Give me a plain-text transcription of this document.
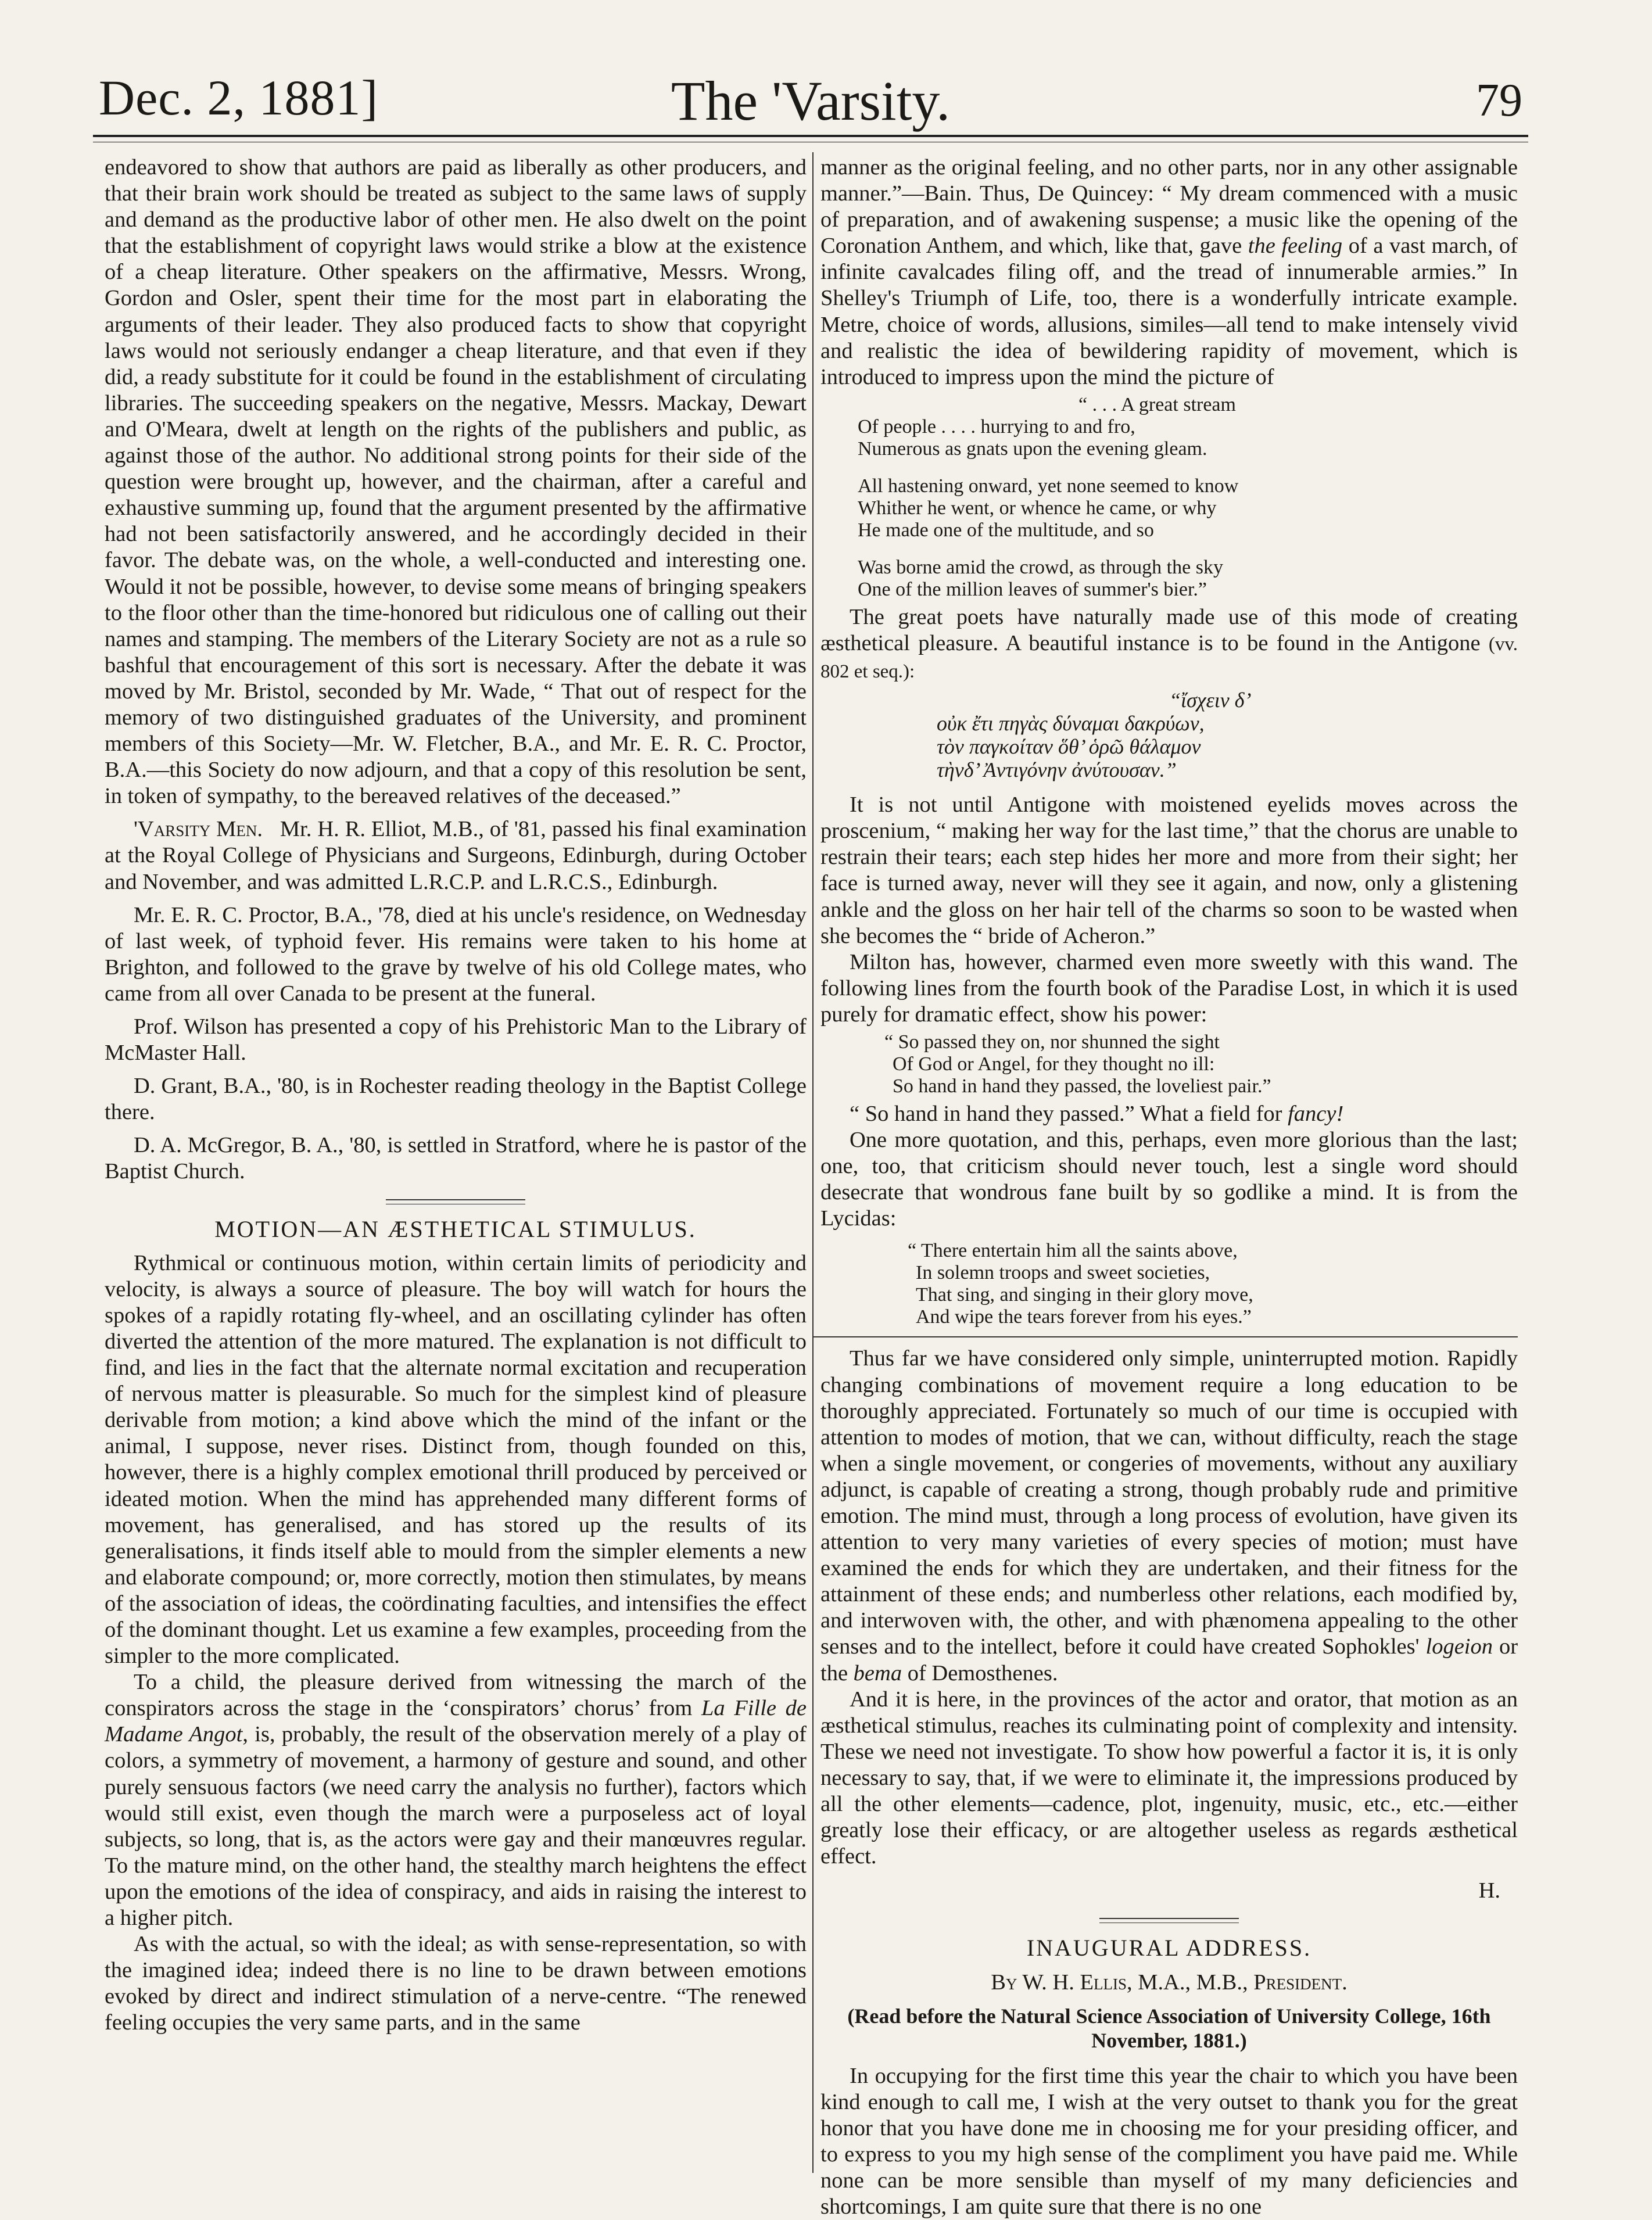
Dec. 2, 1881]	The 'Varsity.	79

endeavored to show that authors are paid as liberally as other producers, and that their brain work should be treated as subject to the same laws of supply and demand as the productive labor of other men. He also dwelt on the point that the establishment of copyright laws would strike a blow at the existence of a cheap literature. Other speakers on the affirmative, Messrs. Wrong, Gordon and Osler, spent their time for the most part in elaborating the arguments of their leader. They also produced facts to show that copyright laws would not seriously endanger a cheap literature, and that even if they did, a ready substitute for it could be found in the establishment of circulating libraries. The succeeding speakers on the negative, Messrs. Mackay, Dewart and O'Meara, dwelt at length on the rights of the publishers and public, as against those of the author. No additional strong points for their side of the question were brought up, however, and the chairman, after a careful and exhaustive summing up, found that the argument presented by the affirmative had not been satisfactorily answered, and he accordingly decided in their favor. The debate was, on the whole, a well-conducted and interesting one. Would it not be possible, however, to devise some means of bringing speakers to the floor other than the time-honored but ridiculous one of calling out their names and stamping. The members of the Literary Society are not as a rule so bashful that encouragement of this sort is necessary. After the debate it was moved by Mr. Bristol, seconded by Mr. Wade, “ That out of respect for the memory of two distinguished graduates of the University, and prominent members of this Society—Mr. W. Fletcher, B.A., and Mr. E. R. C. Proctor, B.A.—this Society do now adjourn, and that a copy of this resolution be sent, in token of sympathy, to the bereaved relatives of the deceased.”

'Varsity Men. Mr. H. R. Elliot, M.B., of '81, passed his final examination at the Royal College of Physicians and Surgeons, Edinburgh, during October and November, and was admitted L.R.C.P. and L.R.C.S., Edinburgh.

Mr. E. R. C. Proctor, B.A., '78, died at his uncle's residence, on Wednesday of last week, of typhoid fever. His remains were taken to his home at Brighton, and followed to the grave by twelve of his old College mates, who came from all over Canada to be present at the funeral.

Prof. Wilson has presented a copy of his Prehistoric Man to the Library of McMaster Hall.

D. Grant, B.A., '80, is in Rochester reading theology in the Baptist College there.

D. A. McGregor, B. A., '80, is settled in Stratford, where he is pastor of the Baptist Church.

MOTION—AN ÆSTHETICAL STIMULUS.

Rythmical or continuous motion, within certain limits of periodicity and velocity, is always a source of pleasure. The boy will watch for hours the spokes of a rapidly rotating fly-wheel, and an oscillating cylinder has often diverted the attention of the more matured. The explanation is not difficult to find, and lies in the fact that the alternate normal excitation and recuperation of nervous matter is pleasurable. So much for the simplest kind of pleasure derivable from motion; a kind above which the mind of the infant or the animal, I suppose, never rises. Distinct from, though founded on this, however, there is a highly complex emotional thrill produced by perceived or ideated motion. When the mind has apprehended many different forms of movement, has generalised, and has stored up the results of its generalisations, it finds itself able to mould from the simpler elements a new and elaborate compound; or, more correctly, motion then stimulates, by means of the association of ideas, the coördinating faculties, and intensifies the effect of the dominant thought. Let us examine a few examples, proceeding from the simpler to the more complicated.

To a child, the pleasure derived from witnessing the march of the conspirators across the stage in the ‘conspirators’ chorus’ from La Fille de Madame Angot, is, probably, the result of the observation merely of a play of colors, a symmetry of movement, a harmony of gesture and sound, and other purely sensuous factors (we need carry the analysis no further), factors which would still exist, even though the march were a purposeless act of loyal subjects, so long, that is, as the actors were gay and their manœuvres regular. To the mature mind, on the other hand, the stealthy march heightens the effect upon the emotions of the idea of conspiracy, and aids in raising the interest to a higher pitch.

As with the actual, so with the ideal; as with sense-representation, so with the imagined idea; indeed there is no line to be drawn between emotions evoked by direct and indirect stimulation of a nerve-centre. “The renewed feeling occupies the very same parts, and in the same

manner as the original feeling, and no other parts, nor in any other assignable manner.”—Bain. Thus, De Quincey: “ My dream commenced with a music of preparation, and of awakening suspense; a music like the opening of the Coronation Anthem, and which, like that, gave the feeling of a vast march, of infinite cavalcades filing off, and the tread of innumerable armies.” In Shelley's Triumph of Life, too, there is a wonderfully intricate example. Metre, choice of words, allusions, similes—all tend to make intensely vivid and realistic the idea of bewildering rapidity of movement, which is introduced to impress upon the mind the picture of

“ . . . A great stream
Of people . . . . hurrying to and fro,
Numerous as gnats upon the evening gleam.
All hastening onward, yet none seemed to know
Whither he went, or whence he came, or why
He made one of the multitude, and so
Was borne amid the crowd, as through the sky
One of the million leaves of summer's bier.”

The great poets have naturally made use of this mode of creating æsthetical pleasure. A beautiful instance is to be found in the Antigone (vv. 802 et seq.):

“ἴσχειν δ’
οὐκ ἔτι πηγὰς δύναμαι δακρύων,
τὸν παγκοίταν ὅθ’ ὁρῶ θάλαμον
τὴνδ’ Ἀντιγόνην ἀνύτουσαν.”

It is not until Antigone with moistened eyelids moves across the proscenium, “ making her way for the last time,” that the chorus are unable to restrain their tears; each step hides her more and more from their sight; her face is turned away, never will they see it again, and now, only a glistening ankle and the gloss on her hair tell of the charms so soon to be wasted when she becomes the “ bride of Acheron.”

Milton has, however, charmed even more sweetly with this wand. The following lines from the fourth book of the Paradise Lost, in which it is used purely for dramatic effect, show his power:

“ So passed they on, nor shunned the sight
Of God or Angel, for they thought no ill:
So hand in hand they passed, the loveliest pair.”

“ So hand in hand they passed.” What a field for fancy!

One more quotation, and this, perhaps, even more glorious than the last; one, too, that criticism should never touch, lest a single word should desecrate that wondrous fane built by so godlike a mind. It is from the Lycidas:

“ There entertain him all the saints above,
In solemn troops and sweet societies,
That sing, and singing in their glory move,
And wipe the tears forever from his eyes.”

Thus far we have considered only simple, uninterrupted motion. Rapidly changing combinations of movement require a long education to be thoroughly appreciated. Fortunately so much of our time is occupied with attention to modes of motion, that we can, without difficulty, reach the stage when a single movement, or congeries of movements, without any auxiliary adjunct, is capable of creating a strong, though probably rude and primitive emotion. The mind must, through a long process of evolution, have given its attention to very many varieties of every species of motion; must have examined the ends for which they are undertaken, and their fitness for the attainment of these ends; and numberless other relations, each modified by, and interwoven with, the other, and with phænomena appealing to the other senses and to the intellect, before it could have created Sophokles' logeion or the bema of Demosthenes.

And it is here, in the provinces of the actor and orator, that motion as an æsthetical stimulus, reaches its culminating point of complexity and intensity. These we need not investigate. To show how powerful a factor it is, it is only necessary to say, that, if we were to eliminate it, the impressions produced by all the other elements—cadence, plot, ingenuity, music, etc., etc.—either greatly lose their efficacy, or are altogether useless as regards æsthetical effect.

H.
INAUGURAL ADDRESS.
By W. H. Ellis, M.A., M.B., President.
(Read before the Natural Science Association of University College, 16th November, 1881.)

In occupying for the first time this year the chair to which you have been kind enough to call me, I wish at the very outset to thank you for the great honor that you have done me in choosing me for your presiding officer, and to express to you my high sense of the compliment you have paid me. While none can be more sensible than myself of my many deficiencies and shortcomings, I am quite sure that there is no one
